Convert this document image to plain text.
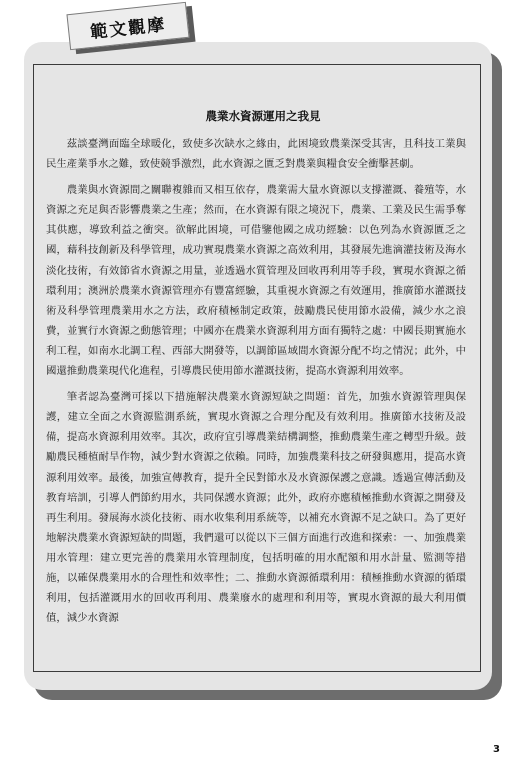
範文觀摩
農業水資源運用之我見

茲談臺灣面臨全球暖化，致使多次缺水之緣由，此困境致農業深受其害，且科技工業與民生產業爭水之難，致使競爭激烈，此水資源之匱乏對農業與糧食安全衝擊甚劇。

農業與水資源間之關聯複雜而又相互依存，農業需大量水資源以支撐灌溉、養殖等，水資源之充足與否影響農業之生產；然而，在水資源有限之境況下，農業、工業及民生需爭奪其供應，導致利益之衝突。欲解此困境，可借鑒他國之成功經驗：以色列為水資源匱乏之國，藉科技創新及科學管理，成功實現農業水資源之高效利用，其發展先進滴灌技術及海水淡化技術，有效節省水資源之用量，並透過水質管理及回收再利用等手段，實現水資源之循環利用；澳洲於農業水資源管理亦有豐富經驗，其重視水資源之有效運用，推廣節水灌溉技術及科學管理農業用水之方法，政府積極制定政策，鼓勵農民使用節水設備，減少水之浪費，並實行水資源之動態管理；中國亦在農業水資源利用方面有獨特之處：中國長期實施水利工程，如南水北調工程、西部大開發等，以調節區域間水資源分配不均之情況；此外，中國還推動農業現代化進程，引導農民使用節水灌溉技術，提高水資源利用效率。

筆者認為臺灣可採以下措施解決農業水資源短缺之問題：首先，加強水資源管理與保護，建立全面之水資源監測系統，實現水資源之合理分配及有效利用。推廣節水技術及設備，提高水資源利用效率。其次，政府宜引導農業結構調整，推動農業生產之轉型升級。鼓勵農民種植耐旱作物，減少對水資源之依賴。同時，加強農業科技之研發與應用，提高水資源利用效率。最後，加強宣傳教育，提升全民對節水及水資源保護之意識。透過宣傳活動及教育培訓，引導人們節約用水，共同保護水資源；此外，政府亦應積極推動水資源之開發及再生利用。發展海水淡化技術、雨水收集利用系統等，以補充水資源不足之缺口。為了更好地解決農業水資源短缺的問題，我們還可以從以下三個方面進行改進和探索：一、加強農業用水管理：建立更完善的農業用水管理制度，包括明確的用水配額和用水計量、監測等措施，以確保農業用水的合理性和效率性；二、推動水資源循環利用：積極推動水資源的循環利用，包括灌溉用水的回收再利用、農業廢水的處理和利用等，實現水資源的最大利用價值，減少水資源

3
